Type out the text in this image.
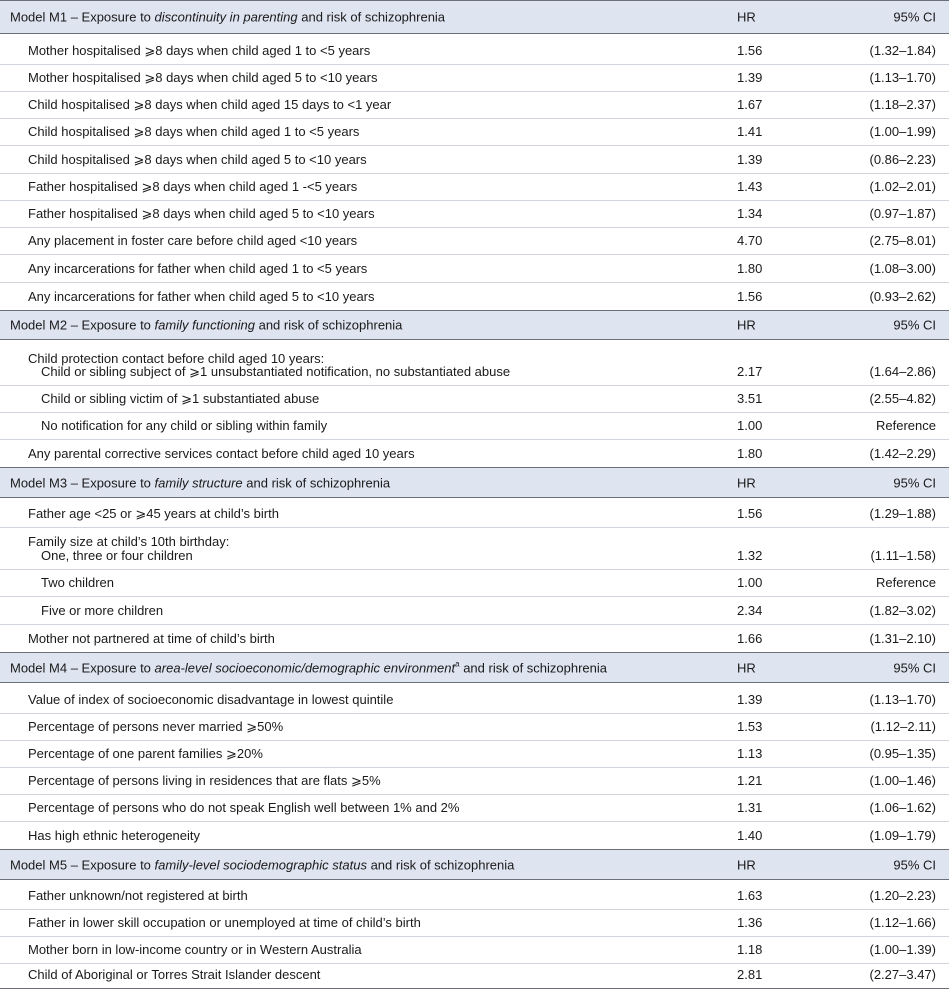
Model M1 – Exposure to discontinuity in parenting and risk of schizophrenia	HR	95% CI
Mother hospitalised ⩾8 days when child aged 1 to <5 years	1.56	(1.32–1.84)
Mother hospitalised ⩾8 days when child aged 5 to <10 years	1.39	(1.13–1.70)
Child hospitalised ⩾8 days when child aged 15 days to <1 year	1.67	(1.18–2.37)
Child hospitalised ⩾8 days when child aged 1 to <5 years	1.41	(1.00–1.99)
Child hospitalised ⩾8 days when child aged 5 to <10 years	1.39	(0.86–2.23)
Father hospitalised ⩾8 days when child aged 1 -<5 years	1.43	(1.02–2.01)
Father hospitalised ⩾8 days when child aged 5 to <10 years	1.34	(0.97–1.87)
Any placement in foster care before child aged <10 years	4.70	(2.75–8.01)
Any incarcerations for father when child aged 1 to <5 years	1.80	(1.08–3.00)
Any incarcerations for father when child aged 5 to <10 years	1.56	(0.93–2.62)
Model M2 – Exposure to family functioning and risk of schizophrenia	HR	95% CI
Child protection contact before child aged 10 years:
Child or sibling subject of ⩾1 unsubstantiated notification, no substantiated abuse	2.17	(1.64–2.86)
Child or sibling victim of ⩾1 substantiated abuse	3.51	(2.55–4.82)
No notification for any child or sibling within family	1.00	Reference
Any parental corrective services contact before child aged 10 years	1.80	(1.42–2.29)
Model M3 – Exposure to family structure and risk of schizophrenia	HR	95% CI
Father age <25 or ⩾45 years at child’s birth	1.56	(1.29–1.88)
Family size at child’s 10th birthday:
One, three or four children	1.32	(1.11–1.58)
Two children	1.00	Reference
Five or more children	2.34	(1.82–3.02)
Mother not partnered at time of child’s birth	1.66	(1.31–2.10)
Model M4 – Exposure to area-level socioeconomic/demographic environment$^a$ and risk of schizophrenia	HR	95% CI
Value of index of socioeconomic disadvantage in lowest quintile	1.39	(1.13–1.70)
Percentage of persons never married ⩾50%	1.53	(1.12–2.11)
Percentage of one parent families ⩾20%	1.13	(0.95–1.35)
Percentage of persons living in residences that are flats ⩾5%	1.21	(1.00–1.46)
Percentage of persons who do not speak English well between 1% and 2%	1.31	(1.06–1.62)
Has high ethnic heterogeneity	1.40	(1.09–1.79)
Model M5 – Exposure to family-level sociodemographic status and risk of schizophrenia	HR	95% CI
Father unknown/not registered at birth	1.63	(1.20–2.23)
Father in lower skill occupation or unemployed at time of child’s birth	1.36	(1.12–1.66)
Mother born in low-income country or in Western Australia	1.18	(1.00–1.39)
Child of Aboriginal or Torres Strait Islander descent	2.81	(2.27–3.47)
